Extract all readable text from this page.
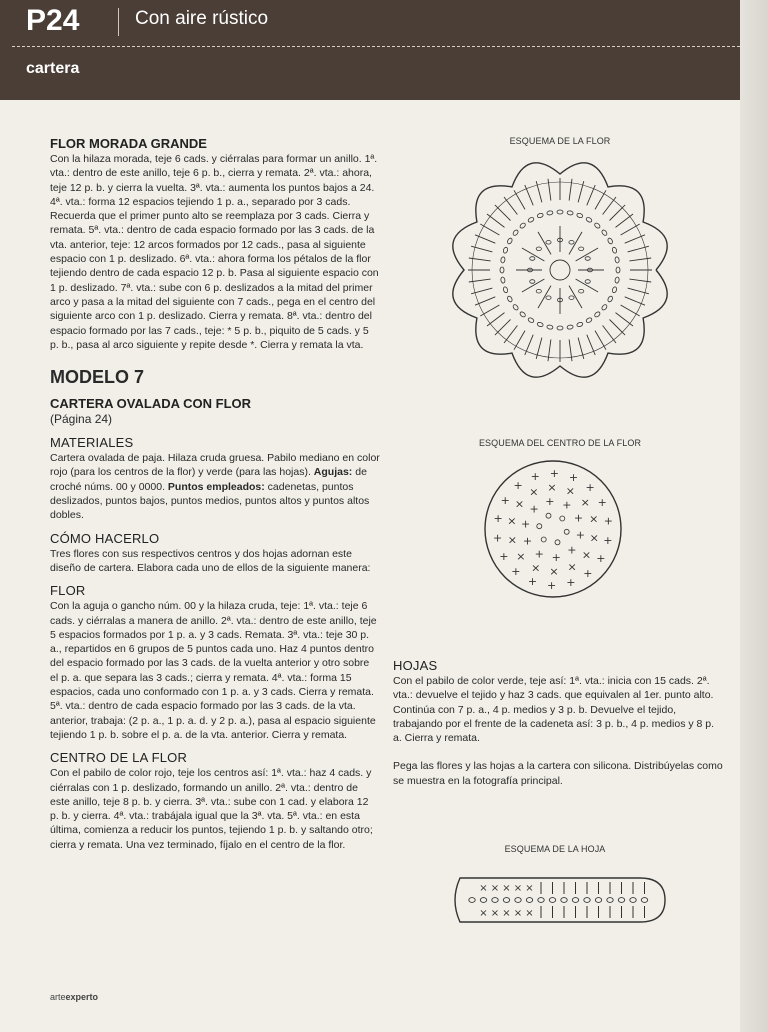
P24	Con aire rústico
cartera
FLOR MORADA GRANDE

Con la hilaza morada, teje 6 cads. y ciérralas para formar un anillo. 1ª. vta.: dentro de este anillo, teje 6 p. b., cierra y remata. 2ª. vta.: ahora, teje 12 p. b. y cierra la vuelta. 3ª. vta.: aumenta los puntos bajos a 24. 4ª. vta.: forma 12 espacios tejiendo 1 p. a., separado por 3 cads. Recuerda que el primer punto alto se reemplaza por 3 cads. Cierra y remata. 5ª. vta.: dentro de cada espacio formado por las 3 cads. de la vta. anterior, teje: 12 arcos formados por 12 cads., pasa al siguiente espacio con 1 p. deslizado. 6ª. vta.: ahora forma los pétalos de la flor tejiendo dentro de cada espacio 12 p. b. Pasa al siguiente espacio con 1 p. deslizado. 7ª. vta.: sube con 6 p. deslizados a la mitad del primer arco y pasa a la mitad del siguiente con 7 cads., pega en el centro del siguiente arco con 1 p. deslizado. Cierra y remata. 8ª. vta.: dentro del espacio formado por las 7 cads., teje: * 5 p. b., piquito de 5 cads. y 5 p. b., pasa al arco siguiente y repite desde *. Cierra y remata la vta.

MODELO 7
CARTERA OVALADA CON FLOR

(Página 24)

MATERIALES

Cartera ovalada de paja. Hilaza cruda gruesa. Pabilo mediano en color rojo (para los centros de la flor) y verde (para las hojas). Agujas: de croché núms. 00 y 0000. Puntos empleados: cadenetas, puntos deslizados, puntos bajos, puntos medios, puntos altos y puntos altos dobles.

CÓMO HACERLO

Tres flores con sus respectivos centros y dos hojas adornan este diseño de cartera. Elabora cada uno de ellos de la siguiente manera:

FLOR

Con la aguja o gancho núm. 00 y la hilaza cruda, teje: 1ª. vta.: teje 6 cads. y ciérralas a manera de anillo. 2ª. vta.: dentro de este anillo, teje 5 espacios formados por 1 p. a. y 3 cads. Remata. 3ª. vta.: teje 30 p. a., repartidos en 6 grupos de 5 puntos cada uno. Haz 4 puntos dentro del espacio formado por las 3 cads. de la vuelta anterior y otro sobre el p. a. que separa las 3 cads.; cierra y remata. 4ª. vta.: forma 15 espacios, cada uno conformado con 1 p. a. y 3 cads. Cierra y remata. 5ª. vta.: dentro de cada espacio formado por las 3 cads. de la vta. anterior, trabaja: (2 p. a., 1 p. a. d. y 2 p. a.), pasa al espacio siguiente tejiendo 1 p. b. sobre el p. a. de la vta. anterior. Cierra y remata.

CENTRO DE LA FLOR

Con el pabilo de color rojo, teje los centros así: 1ª. vta.: haz 4 cads. y ciérralas con 1 p. deslizado, formando un anillo. 2ª. vta.: dentro de este anillo, teje 8 p. b. y cierra. 3ª. vta.: sube con 1 cad. y elabora 12 p. b. y cierra. 4ª. vta.: trabájala igual que la 3ª. vta. 5ª. vta.: en esta última, comienza a reducir los puntos, tejiendo 1 p. b. y saltando otro; cierra y remata. Una vez terminado, fíjalo en el centro de la flor.

ESQUEMA DE LA FLOR
ESQUEMA DEL CENTRO DE LA FLOR
+
+
+
+
+
+
+
+ +
+
×
×
×
×
×
×
×
×
×
× × ×
×
×
+
+
+
+
+
+
+
+
+
+
+
+
+ + +
+
+
+
ESQUEMA DE LA HOJA
×
×
×
×
×
×
×
×
×
×
HOJAS

Con el pabilo de color verde, teje así: 1ª. vta.: inicia con 15 cads. 2ª. vta.: devuelve el tejido y haz 3 cads. que equivalen al 1er. punto alto. Continúa con 7 p. a., 4 p. medios y 3 p. b. Devuelve el tejido, trabajando por el frente de la cadeneta así: 3 p. b., 4 p. medios y 8 p. a. Cierra y remata.

Pega las flores y las hojas a la cartera con silicona. Distribúyelas como se muestra en la fotografía principal.

arteexperto
